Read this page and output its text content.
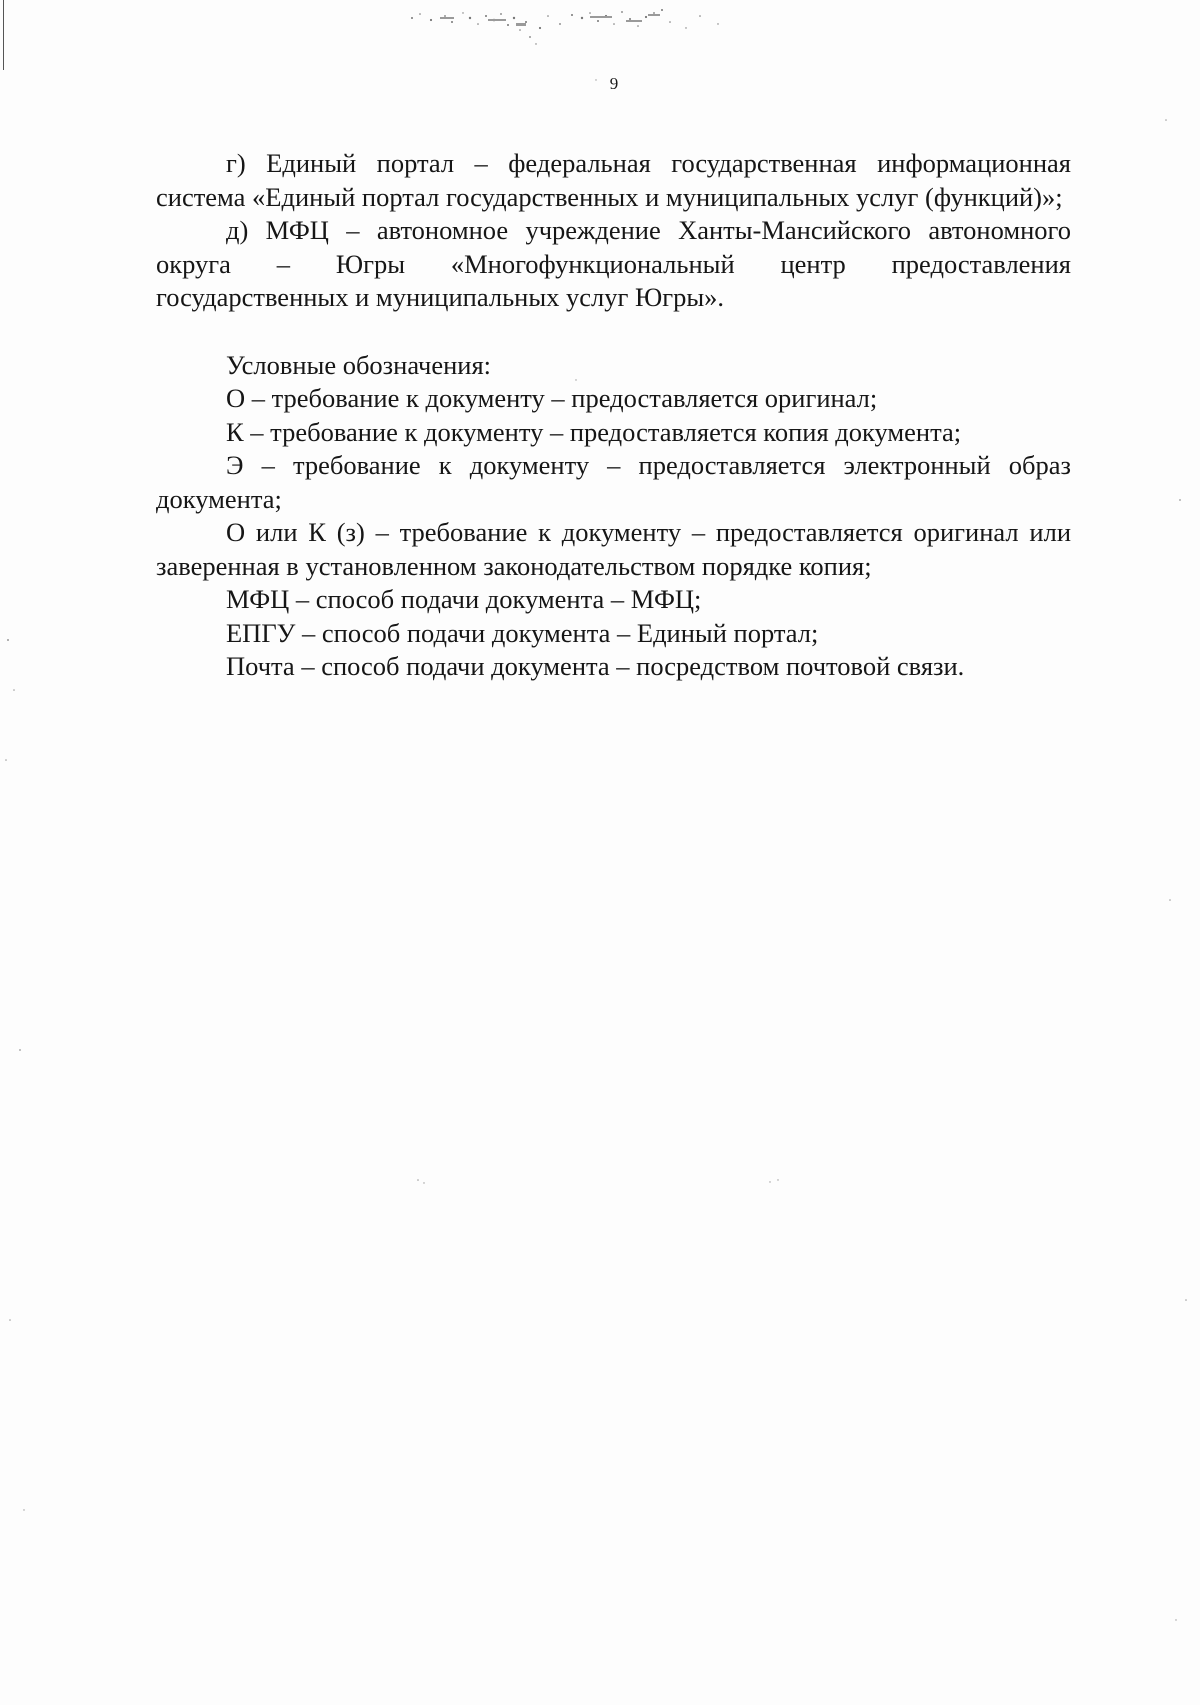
9

г) Единый портал – федеральная государственная информационная система «Единый портал государственных и муниципальных услуг (функций)»;

д) МФЦ – автономное учреждение Ханты-Мансийского автономного округа – Югры «Многофункциональный центр предоставления государственных и муниципальных услуг Югры».

Условные обозначения:

О – требование к документу – предоставляется оригинал;

К – требование к документу – предоставляется копия документа;

Э – требование к документу – предоставляется электронный образ документа;

О или К (з) – требование к документу – предоставляется оригинал или заверенная в установленном законодательством порядке копия;

МФЦ – способ подачи документа – МФЦ;

ЕПГУ – способ подачи документа – Единый портал;

Почта – способ подачи документа – посредством почтовой связи.
